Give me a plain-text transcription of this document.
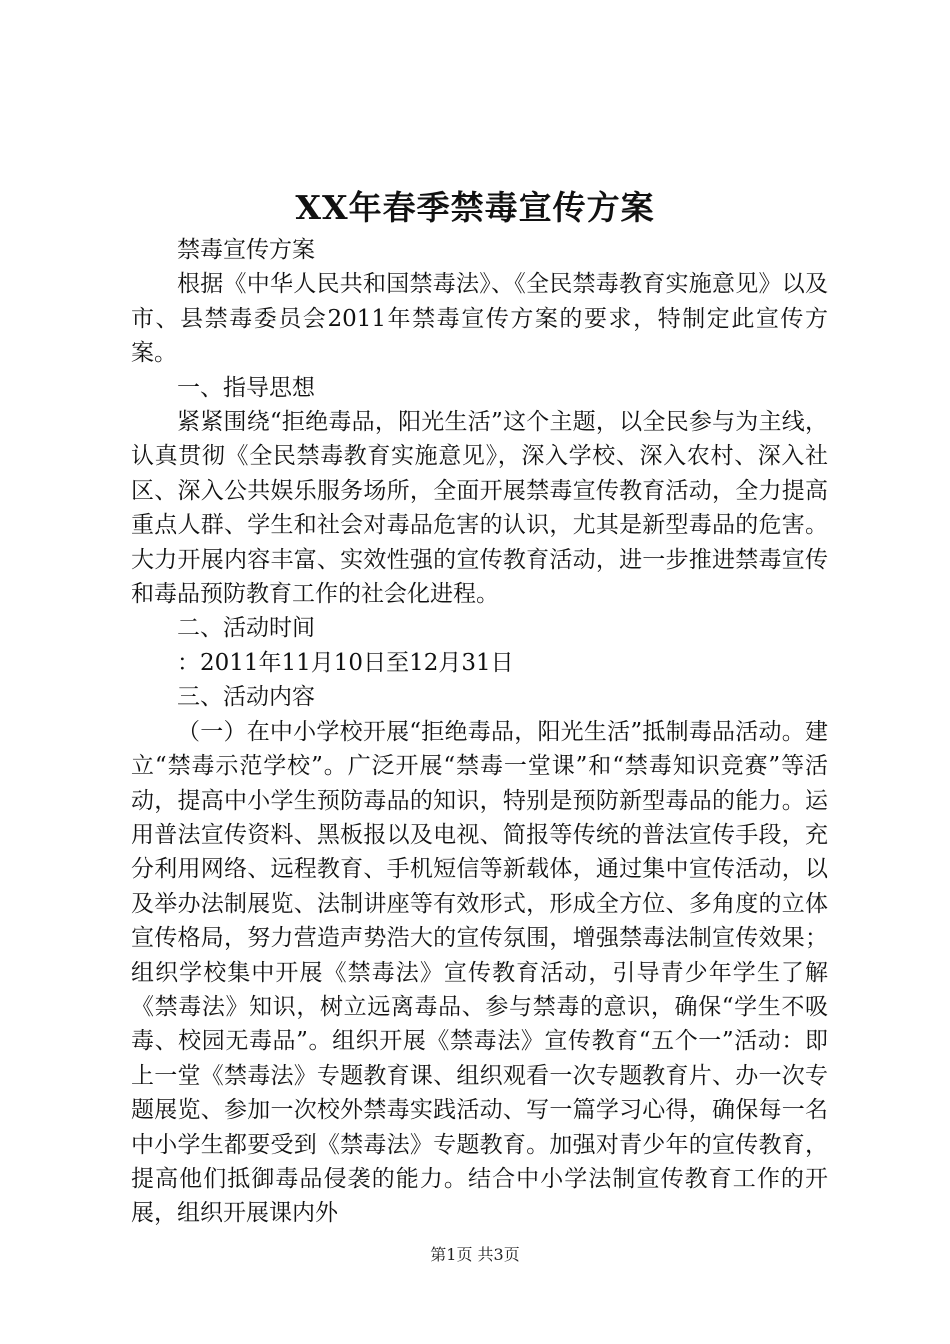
XX年春季禁毒宣传方案

禁毒宣传方案

根据《中华人民共和国禁毒法》、《全民禁毒教育实施意见》以及市、县禁毒委员会2011年禁毒宣传方案的要求，特制定此宣传方案。

一、指导思想

紧紧围绕“拒绝毒品，阳光生活”这个主题，以全民参与为主线，认真贯彻《全民禁毒教育实施意见》，深入学校、深入农村、深入社区、深入公共娱乐服务场所，全面开展禁毒宣传教育活动，全力提高重点人群、学生和社会对毒品危害的认识，尤其是新型毒品的危害。大力开展内容丰富、实效性强的宣传教育活动，进一步推进禁毒宣传和毒品预防教育工作的社会化进程。

二、活动时间

：2011年11月10日至12月31日

三、活动内容

（一）在中小学校开展“拒绝毒品，阳光生活”抵制毒品活动。建立“禁毒示范学校”。广泛开展“禁毒一堂课”和“禁毒知识竞赛”等活动，提高中小学生预防毒品的知识，特别是预防新型毒品的能力。运用普法宣传资料、黑板报以及电视、简报等传统的普法宣传手段，充分利用网络、远程教育、手机短信等新载体，通过集中宣传活动，以及举办法制展览、法制讲座等有效形式，形成全方位、多角度的立体宣传格局，努力营造声势浩大的宣传氛围，增强禁毒法制宣传效果；组织学校集中开展《禁毒法》宣传教育活动，引导青少年学生了解《禁毒法》知识，树立远离毒品、参与禁毒的意识，确保“学生不吸毒、校园无毒品”。组织开展《禁毒法》宣传教育“五个一”活动：即上一堂《禁毒法》专题教育课、组织观看一次专题教育片、办一次专题展览、参加一次校外禁毒实践活动、写一篇学习心得，确保每一名中小学生都要受到《禁毒法》专题教育。加强对青少年的宣传教育，提高他们抵御毒品侵袭的能力。结合中小学法制宣传教育工作的开展，组织开展课内外

第1页 共3页
